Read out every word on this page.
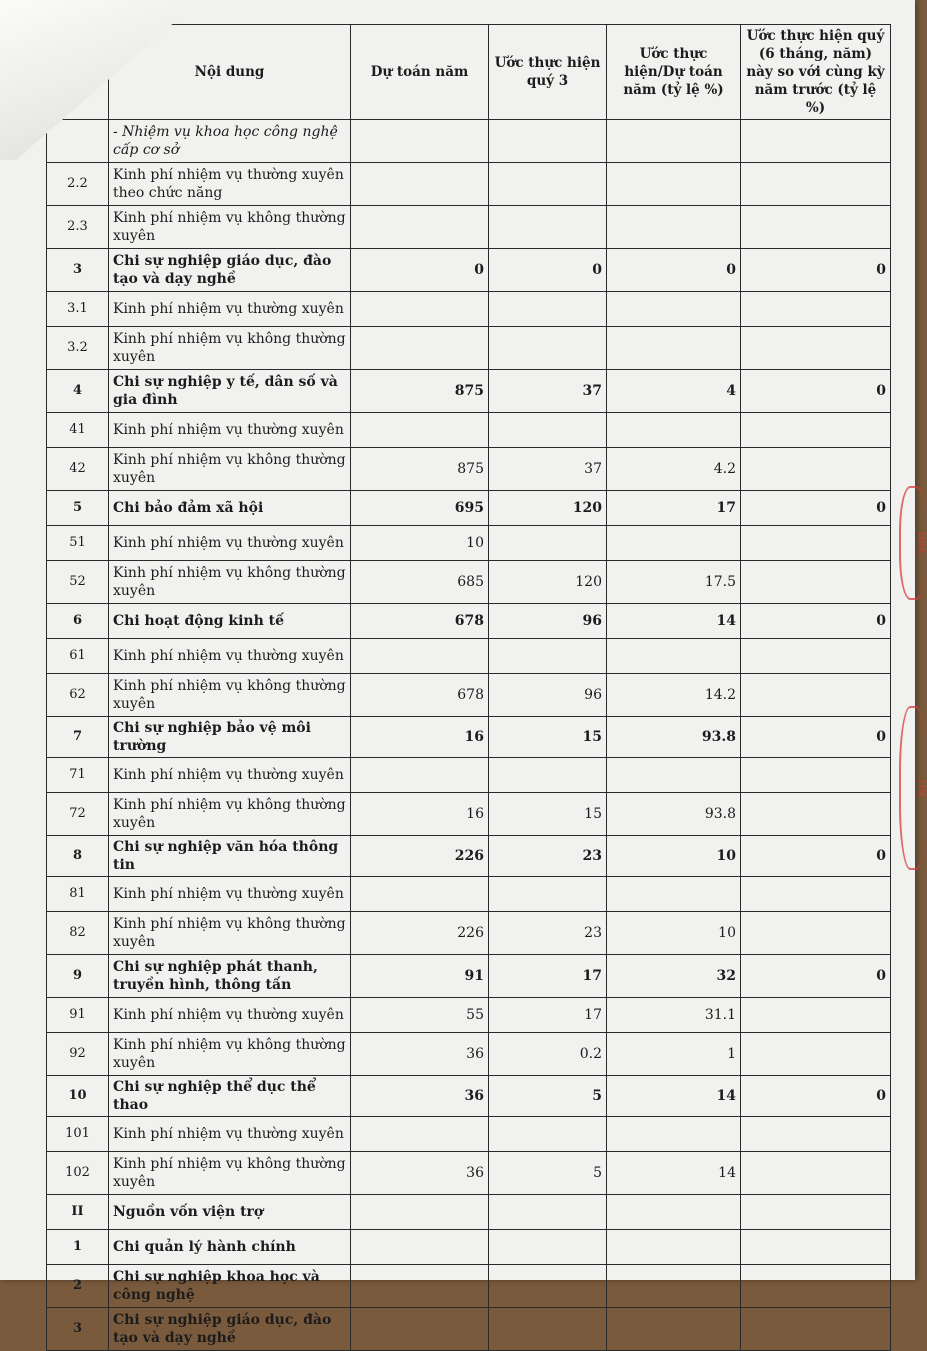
	Nội dung	Dự toán năm	Ước thực hiện quý 3	Ước thực hiện/Dự toán năm (tỷ lệ %)	Ước thực hiện quý (6 tháng, năm) này so với cùng kỳ năm trước (tỷ lệ %)
	- Nhiệm vụ khoa học công nghệ cấp cơ sở				
2.2	Kinh phí nhiệm vụ thường xuyên theo chức năng				
2.3	Kinh phí nhiệm vụ không thường xuyên				
3	Chi sự nghiệp giáo dục, đào tạo và dạy nghề	0	0	0	0
3.1	Kinh phí nhiệm vụ thường xuyên				
3.2	Kinh phí nhiệm vụ không thường xuyên				
4	Chi sự nghiệp y tế, dân số và gia đình	875	37	4	0
41	Kinh phí nhiệm vụ thường xuyên				
42	Kinh phí nhiệm vụ không thường xuyên	875	37	4.2	
5	Chi bảo đảm xã hội	695	120	17	0
51	Kinh phí nhiệm vụ thường xuyên	10			
52	Kinh phí nhiệm vụ không thường xuyên	685	120	17.5	
6	Chi hoạt động kinh tế	678	96	14	0
61	Kinh phí nhiệm vụ thường xuyên				
62	Kinh phí nhiệm vụ không thường xuyên	678	96	14.2	
7	Chi sự nghiệp bảo vệ môi trường	16	15	93.8	0
71	Kinh phí nhiệm vụ thường xuyên				
72	Kinh phí nhiệm vụ không thường xuyên	16	15	93.8	
8	Chi sự nghiệp văn hóa thông tin	226	23	10	0
81	Kinh phí nhiệm vụ thường xuyên				
82	Kinh phí nhiệm vụ không thường xuyên	226	23	10	
9	Chi sự nghiệp phát thanh, truyền hình, thông tấn	91	17	32	0
91	Kinh phí nhiệm vụ thường xuyên	55	17	31.1	
92	Kinh phí nhiệm vụ không thường xuyên	36	0.2	1	
10	Chi sự nghiệp thể dục thể thao	36	5	14	0
101	Kinh phí nhiệm vụ thường xuyên				
102	Kinh phí nhiệm vụ không thường xuyên	36	5	14	
II	Nguồn vốn viện trợ				
1	Chi quản lý hành chính				
2	Chi sự nghiệp khoa học và công nghệ				
3	Chi sự nghiệp giáo dục, đào tạo và dạy nghề				
ĐBA
ỜN
